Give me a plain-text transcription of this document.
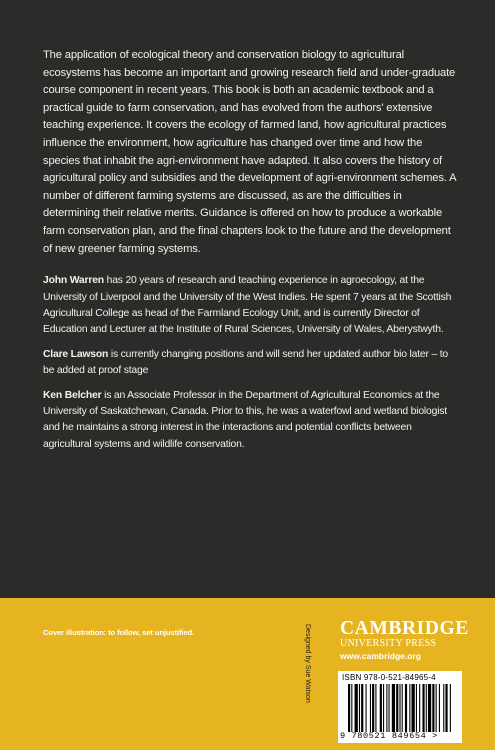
The application of ecological theory and conservation biology to agricultural ecosystems has become an important and growing research field and under-graduate course component in recent years. This book is both an academic textbook and a practical guide to farm conservation, and has evolved from the authors' extensive teaching experience. It covers the ecology of farmed land, how agricultural practices influence the environment, how agriculture has changed over time and how the species that inhabit the agri-environment have adapted. It also covers the history of agricultural policy and subsidies and the development of agri-environment schemes. A number of different farming systems are discussed, as are the difficulties in determining their relative merits. Guidance is offered on how to produce a workable farm conservation plan, and the final chapters look to the future and the development of new greener farming systems.

John Warren has 20 years of research and teaching experience in agroecology, at the University of Liverpool and the University of the West Indies. He spent 7 years at the Scottish Agricultural College as head of the Farmland Ecology Unit, and is currently Director of Education and Lecturer at the Institute of Rural Sciences, University of Wales, Aberystwyth.

Clare Lawson is currently changing positions and will send her updated author bio later – to be added at proof stage

Ken Belcher is an Associate Professor in the Department of Agricultural Economics at the University of Saskatchewan, Canada. Prior to this, he was a waterfowl and wetland biologist and he maintains a strong interest in the interactions and potential conflicts between agricultural systems and wildlife conservation.

Cover illustration: to follow, set unjustified.	Designed by Sue Watson CAMBRIDGE
UNIVERSITY PRESS
www.cambridge.org
ISBN 978-0-521-84965-4
9 780521 849654 >
